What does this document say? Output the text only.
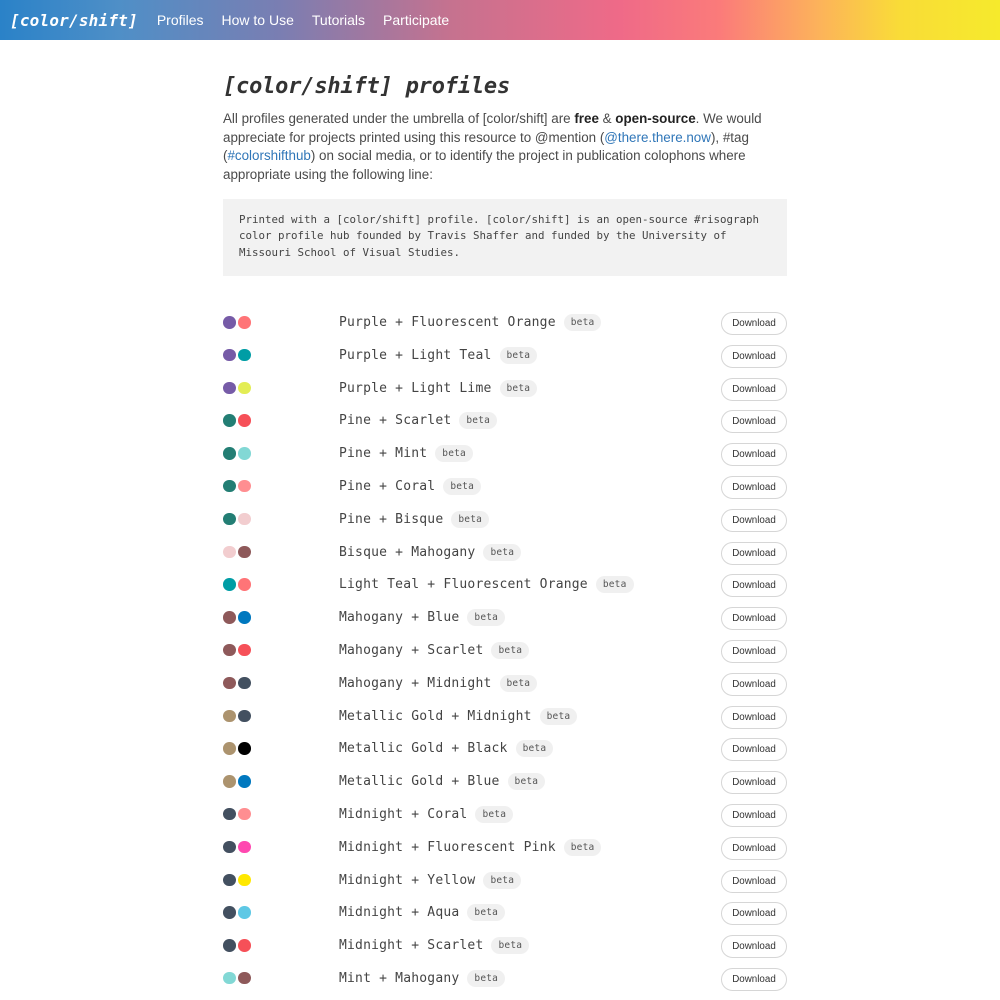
[color/shift] Profiles How to Use Tutorials Participate
[color/shift] profiles

All profiles generated under the umbrella of [color/shift] are free & open-source. We would appreciate for projects printed using this resource to @mention (@there.there.now), #tag (#colorshifthub) on social media, or to identify the project in publication colophons where appropriate using the following line:

Printed with a [color/shift] profile. [color/shift] is an open-source #risograph
color profile hub founded by Travis Shaffer and funded by the University of
Missouri School of Visual Studies.
Purple + Fluorescent Orange	beta	Download
Purple + Light Teal	beta	Download
Purple + Light Lime	beta	Download
Pine + Scarlet	beta	Download
Pine + Mint	beta	Download
Pine + Coral	beta	Download
Pine + Bisque	beta	Download
Bisque + Mahogany	beta	Download
Light Teal + Fluorescent Orange	beta	Download
Mahogany + Blue	beta	Download
Mahogany + Scarlet	beta	Download
Mahogany + Midnight	beta	Download
Metallic Gold + Midnight	beta	Download
Metallic Gold + Black	beta	Download
Metallic Gold + Blue	beta	Download
Midnight + Coral	beta	Download
Midnight + Fluorescent Pink	beta	Download
Midnight + Yellow	beta	Download
Midnight + Aqua	beta	Download
Midnight + Scarlet	beta	Download
Mint + Mahogany	beta	Download
